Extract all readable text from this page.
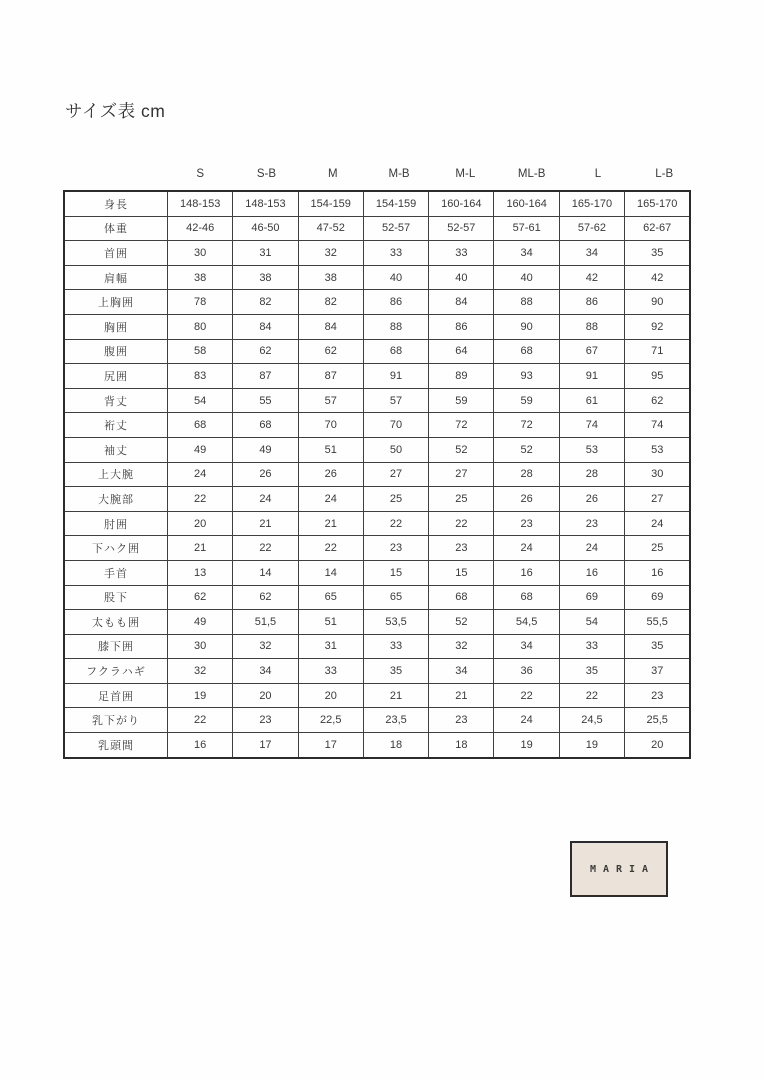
サイズ表 cm
S	S-B	M	M-B	M-L	ML-B	L	L-B
身長	148-153	148-153	154-159	154-159	160-164	160-164	165-170	165-170
体重	42-46	46-50	47-52	52-57	52-57	57-61	57-62	62-67
首囲	30	31	32	33	33	34	34	35
肩幅	38	38	38	40	40	40	42	42
上胸囲	78	82	82	86	84	88	86	90
胸囲	80	84	84	88	86	90	88	92
腹囲	58	62	62	68	64	68	67	71
尻囲	83	87	87	91	89	93	91	95
背丈	54	55	57	57	59	59	61	62
裄丈	68	68	70	70	72	72	74	74
袖丈	49	49	51	50	52	52	53	53
上大腕	24	26	26	27	27	28	28	30
大腕部	22	24	24	25	25	26	26	27
肘囲	20	21	21	22	22	23	23	24
下ハク囲	21	22	22	23	23	24	24	25
手首	13	14	14	15	15	16	16	16
股下	62	62	65	65	68	68	69	69
太もも囲	49	51,5	51	53,5	52	54,5	54	55,5
膝下囲	30	32	31	33	32	34	33	35
フクラハギ	32	34	33	35	34	36	35	37
足首囲	19	20	20	21	21	22	22	23
乳下がり	22	23	22,5	23,5	23	24	24,5	25,5
乳頭間	16	17	17	18	18	19	19	20
MARIA
